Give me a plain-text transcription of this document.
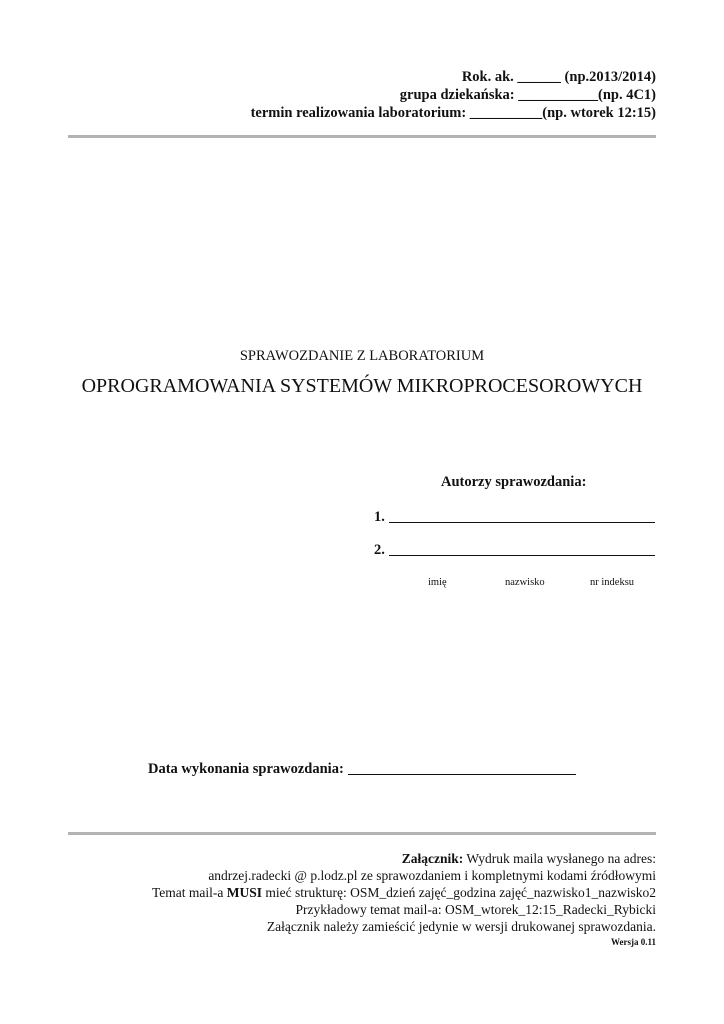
Rok. ak. ______ (np.2013/2014)
grupa dziekańska: ___________(np. 4C1)
termin realizowania laboratorium: __________(np. wtorek 12:15)
SPRAWOZDANIE Z LABORATORIUM
OPROGRAMOWANIA SYSTEMÓW MIKROPROCESOROWYCH
Autorzy sprawozdania:
1.
2.
imię	nazwisko	nr indeksu
Data wykonania sprawozdania:
Załącznik: Wydruk maila wysłanego na adres:
andrzej.radecki @ p.lodz.pl ze sprawozdaniem i kompletnymi kodami źródłowymi
Temat mail-a MUSI mieć strukturę: OSM_dzień zajęć_godzina zajęć_nazwisko1_nazwisko2
Przykładowy temat mail-a: OSM_wtorek_12:15_Radecki_Rybicki
Załącznik należy zamieścić jedynie w wersji drukowanej sprawozdania.
Wersja 0.11
